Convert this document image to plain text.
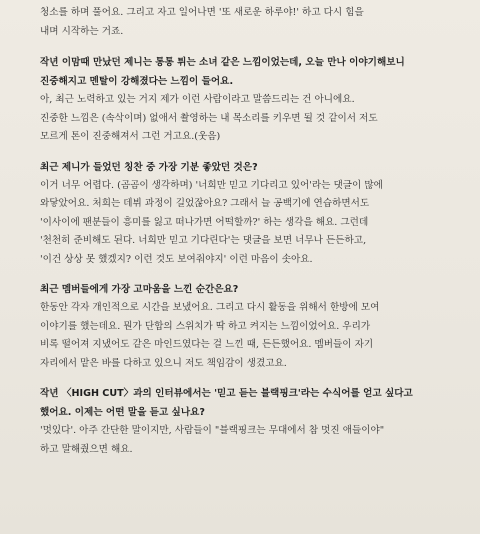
청소를 하며 풀어요. 그리고 자고 일어나면 '또 새로운 하루야!' 하고 다시 힘을
내며 시작하는 거죠.

작년 이맘때 만났던 제니는 통통 튀는 소녀 같은 느낌이었는데, 오늘 만나 이야기해보니
진중해지고 멘탈이 강해졌다는 느낌이 들어요.

아, 최근 노력하고 있는 거지 제가 이런 사람이라고 말씀드리는 건 아니에요.
진중한 느낌은 (속삭이며) 없애서 촬영하는 내 목소리를 키우면 될 것 같이서 저도
모르게 톤이 진중해져서 그런 거고요.(웃음)

최근 제니가 들었던 칭찬 중 가장 기분 좋았던 것은?

이거 너무 어렵다. (곰곰이 생각하며) '너희만 믿고 기다리고 있어'라는 댓글이 많에
와닿았어요. 처희는 데뷔 과정이 길었잖아요? 그래서 늘 공백기에 연습하면서도
'이사이에 팬분들이 흥미를 잃고 떠나가면 어떡할까?' 하는 생각을 해요. 그런데
'천천히 준비해도 된다. 너희만 믿고 기다린다'는 댓글을 보면 너무나 든든하고,
'이건 상상 못 했겠지? 이런 것도 보여줘야지' 이런 마음이 솟아요.

최근 멤버들에게 가장 고마움을 느낀 순간은요?

한동안 각자 개인적으로 시간을 보냈어요. 그리고 다시 활동을 위해서 한방에 모여
이야기를 했는데요. 뭔가 단합의 스위치가 딱 하고 켜지는 느낌이었어요. 우리가
비록 떨어져 지냈어도 같은 마인드였다는 걸 느낀 때, 든든했어요. 멤버들이 자기
자리에서 맡은 바를 다하고 있으니 저도 책임감이 생겼고요.

작년 〈HIGH CUT〉과의 인터뷰에서는 '믿고 듣는 블랙핑크'라는 수식어를 얻고 싶다고
했어요. 이제는 어떤 말을 듣고 싶나요?

'멋있다'. 아주 간단한 말이지만, 사람들이 "블랙핑크는 무대에서 참 멋진 애들이야"
하고 말해줬으면 해요.
